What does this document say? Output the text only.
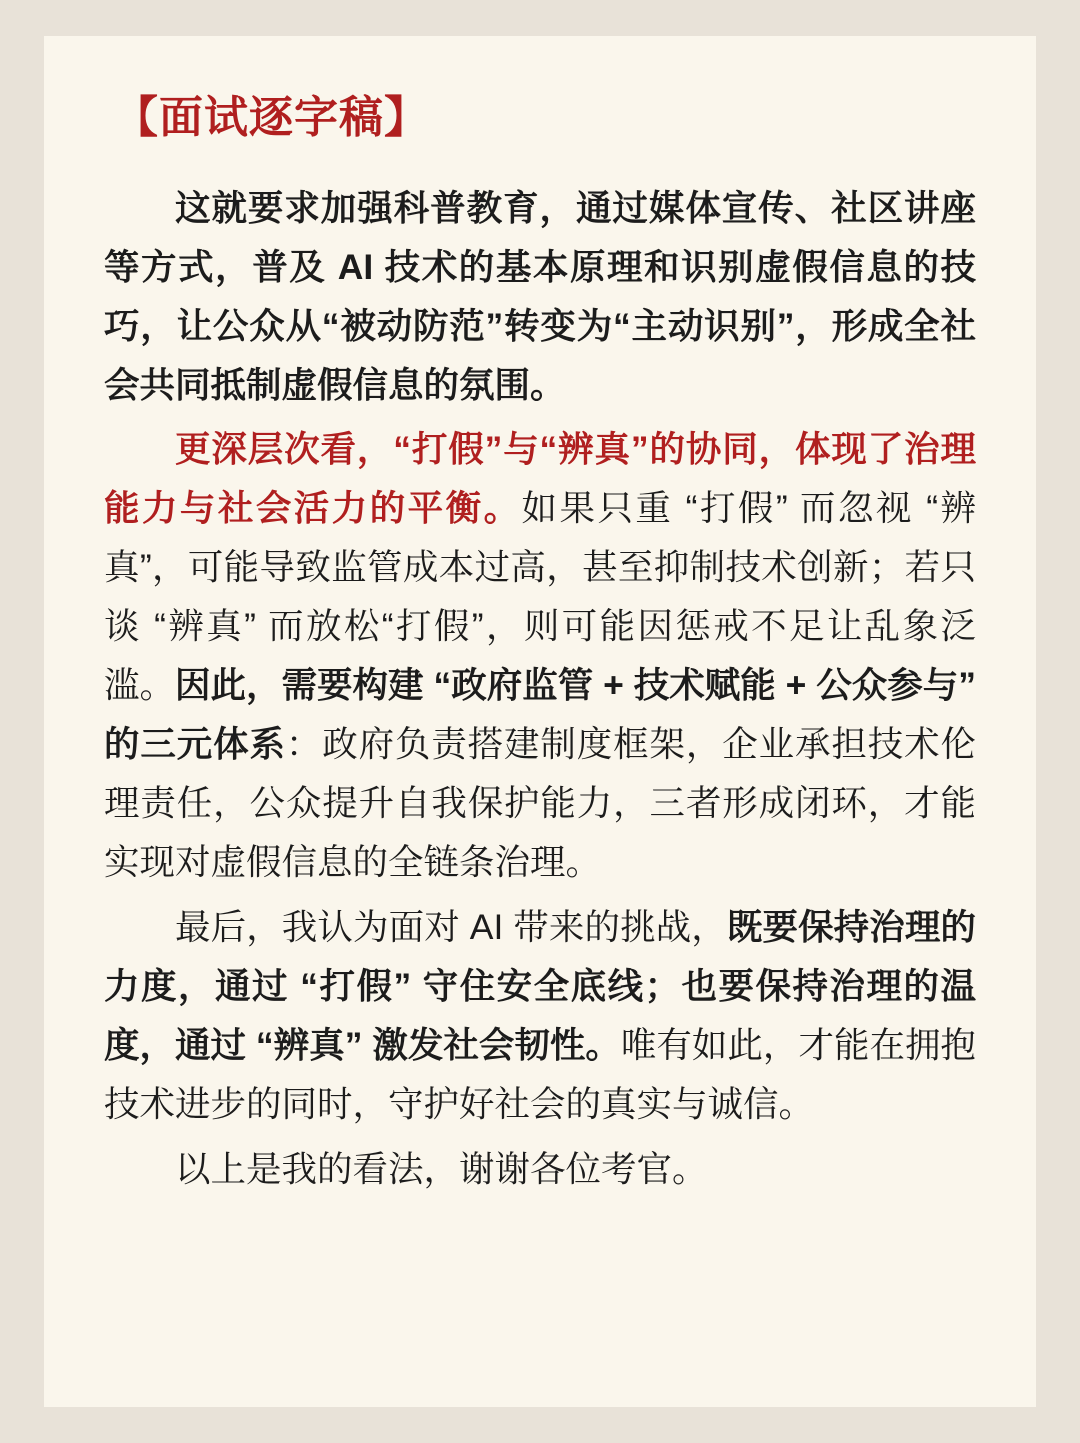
【面试逐字稿】

这就要求加强科普教育，通过媒体宣传、社区讲座等方式，普及 AI 技术的基本原理和识别虚假信息的技巧，让公众从“被动防范”转变为“主动识别”，形成全社会共同抵制虚假信息的氛围。

更深层次看，“打假”与“辨真”的协同，体现了治理能力与社会活力的平衡。如果只重 “打假” 而忽视 “辨真”，可能导致监管成本过高，甚至抑制技术创新；若只谈 “辨真” 而放松“打假”，则可能因惩戒不足让乱象泛滥。因此，需要构建 “政府监管 + 技术赋能 + 公众参与” 的三元体系：政府负责搭建制度框架，企业承担技术伦理责任，公众提升自我保护能力，三者形成闭环，才能实现对虚假信息的全链条治理。

最后，我认为面对 AI 带来的挑战，既要保持治理的力度，通过 “打假” 守住安全底线；也要保持治理的温度，通过 “辨真” 激发社会韧性。唯有如此，才能在拥抱技术进步的同时，守护好社会的真实与诚信。

以上是我的看法，谢谢各位考官。
